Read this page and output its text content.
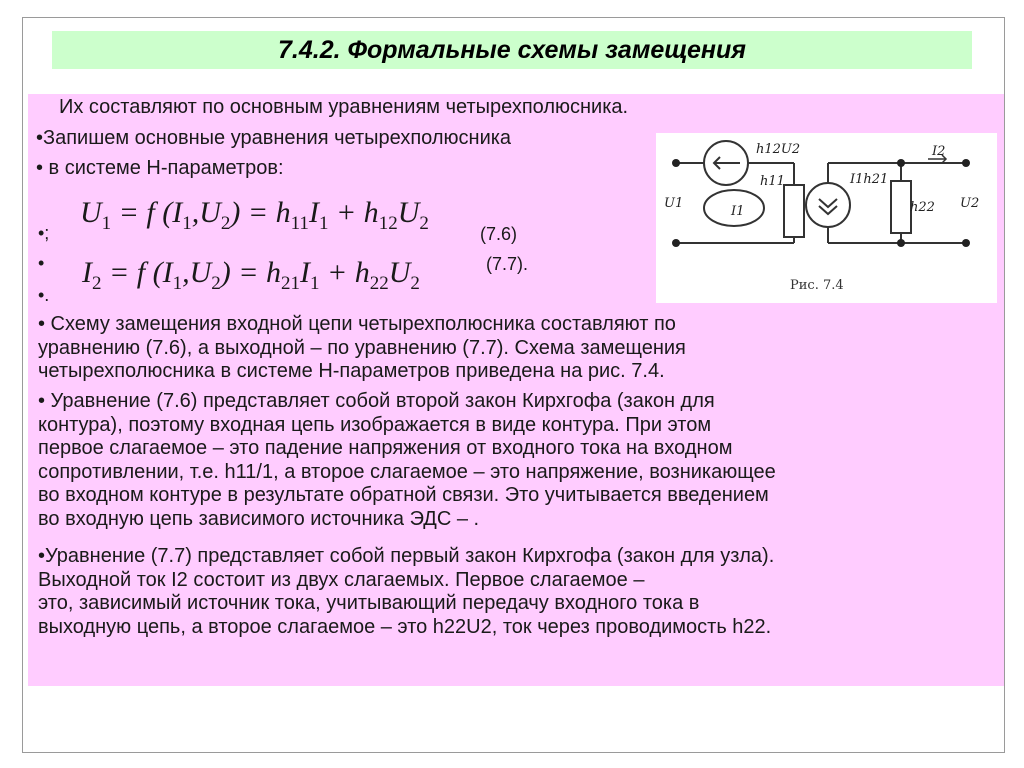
7.4.2. Формальные схемы замещения
Их составляют по основным уравнениям четырехполюсника.
•Запишем основные уравнения четырехполюсника
• в системе H-параметров:
•;
•
•.
$U_1 = f$ $(I_1,U_2) = h_{11}I_1 + h_{12}U_2$	(7.6)
$I_2 = f$ $(I_1,U_2) = h_{21}I_1 + h_{22}U_2$
(7.7).
• Схему замещения входной цепи четырехполюсника составляют по
уравнению (7.6), а выходной – по уравнению (7.7). Схема замещения
четырехполюсника в системе H-параметров приведена на рис. 7.4.
• Уравнение (7.6) представляет собой второй закон Кирхгофа (закон для
контура), поэтому входная цепь изображается в виде контура. При этом
первое слагаемое – это падение напряжения от входного тока на входном
сопротивлении, т.е. h11/1, а второе слагаемое – это напряжение, возникающее
во входном контуре в результате обратной связи. Это учитывается введением
во входную цепь зависимого источника ЭДС – .
•Уравнение (7.7) представляет собой первый закон Кирхгофа (закон для узла).
Выходной ток I2 состоит из двух слагаемых. Первое слагаемое –
это, зависимый источник тока, учитывающий передачу входного тока в
выходную цепь, а второе слагаемое – это h22U2, ток через проводимость h22.
h12U2
h11
I1
U1
I1h21
h22
I2
U2
Рис. 7.4
